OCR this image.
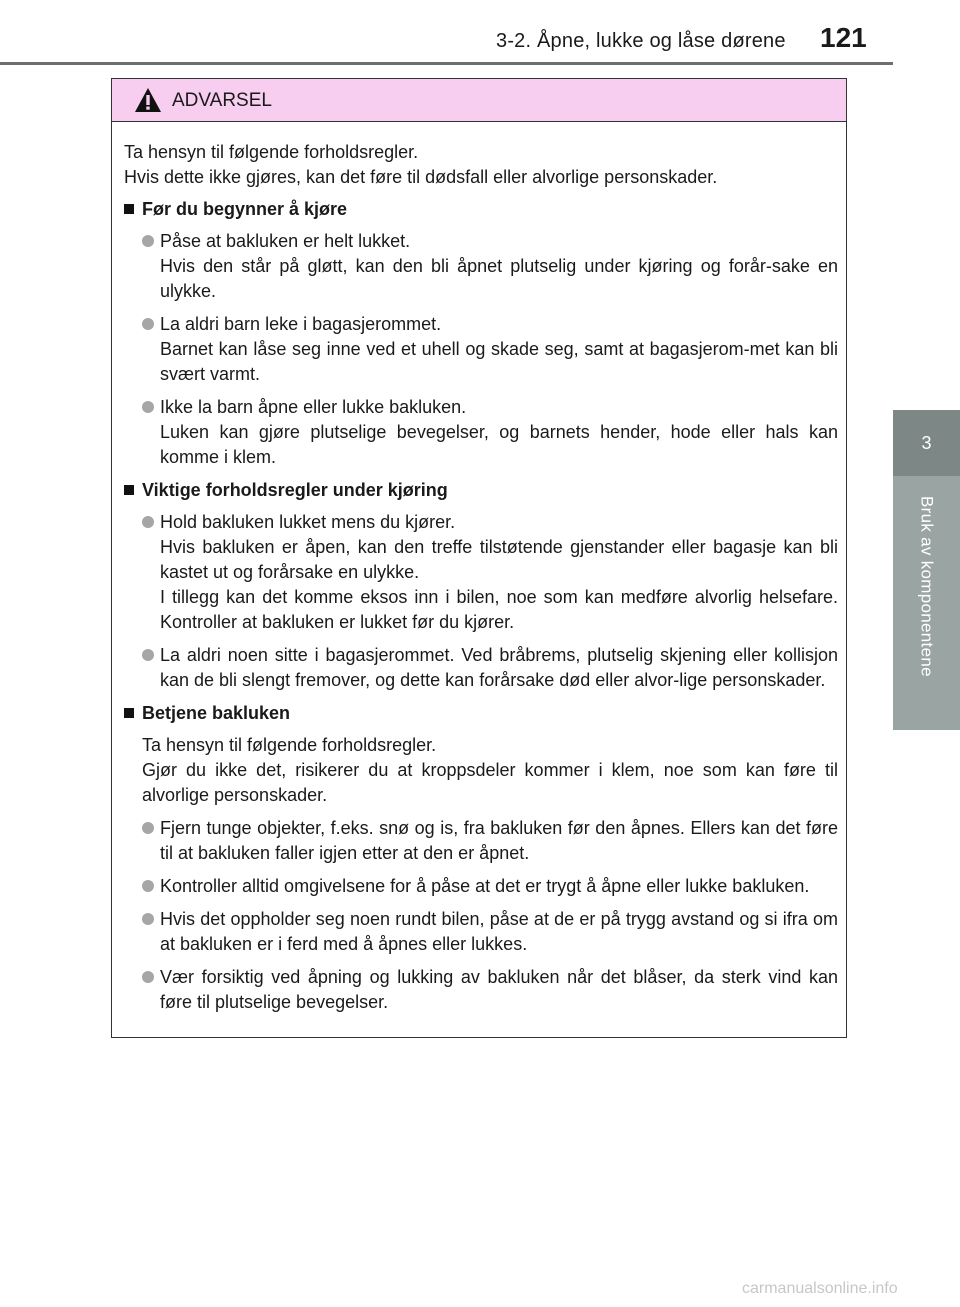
3-2. Åpne, lukke og låse dørene 121
3
Bruk av komponentene
ADVARSEL

Ta hensyn til følgende forholdsregler.

Hvis dette ikke gjøres, kan det føre til dødsfall eller alvorlige personskader.

Før du begynner å kjøre
Påse at bakluken er helt lukket.
Hvis den står på gløtt, kan den bli åpnet plutselig under kjøring og forår-sake en ulykke.
La aldri barn leke i bagasjerommet.
Barnet kan låse seg inne ved et uhell og skade seg, samt at bagasjerom-met kan bli svært varmt.
Ikke la barn åpne eller lukke bakluken.
Luken kan gjøre plutselige bevegelser, og barnets hender, hode eller hals kan komme i klem.
Viktige forholdsregler under kjøring
Hold bakluken lukket mens du kjører.
Hvis bakluken er åpen, kan den treffe tilstøtende gjenstander eller bagasje kan bli kastet ut og forårsake en ulykke.
I tillegg kan det komme eksos inn i bilen, noe som kan medføre alvorlig helsefare. Kontroller at bakluken er lukket før du kjører.
La aldri noen sitte i bagasjerommet. Ved bråbrems, plutselig skjening eller kollisjon kan de bli slengt fremover, og dette kan forårsake død eller alvor-lige personskader.
Betjene bakluken
Ta hensyn til følgende forholdsregler.
Gjør du ikke det, risikerer du at kroppsdeler kommer i klem, noe som kan føre til alvorlige personskader.
Fjern tunge objekter, f.eks. snø og is, fra bakluken før den åpnes. Ellers kan det føre til at bakluken faller igjen etter at den er åpnet.
Kontroller alltid omgivelsene for å påse at det er trygt å åpne eller lukke bakluken.
Hvis det oppholder seg noen rundt bilen, påse at de er på trygg avstand og si ifra om at bakluken er i ferd med å åpnes eller lukkes.
Vær forsiktig ved åpning og lukking av bakluken når det blåser, da sterk vind kan føre til plutselige bevegelser.
carmanualsonline.info
